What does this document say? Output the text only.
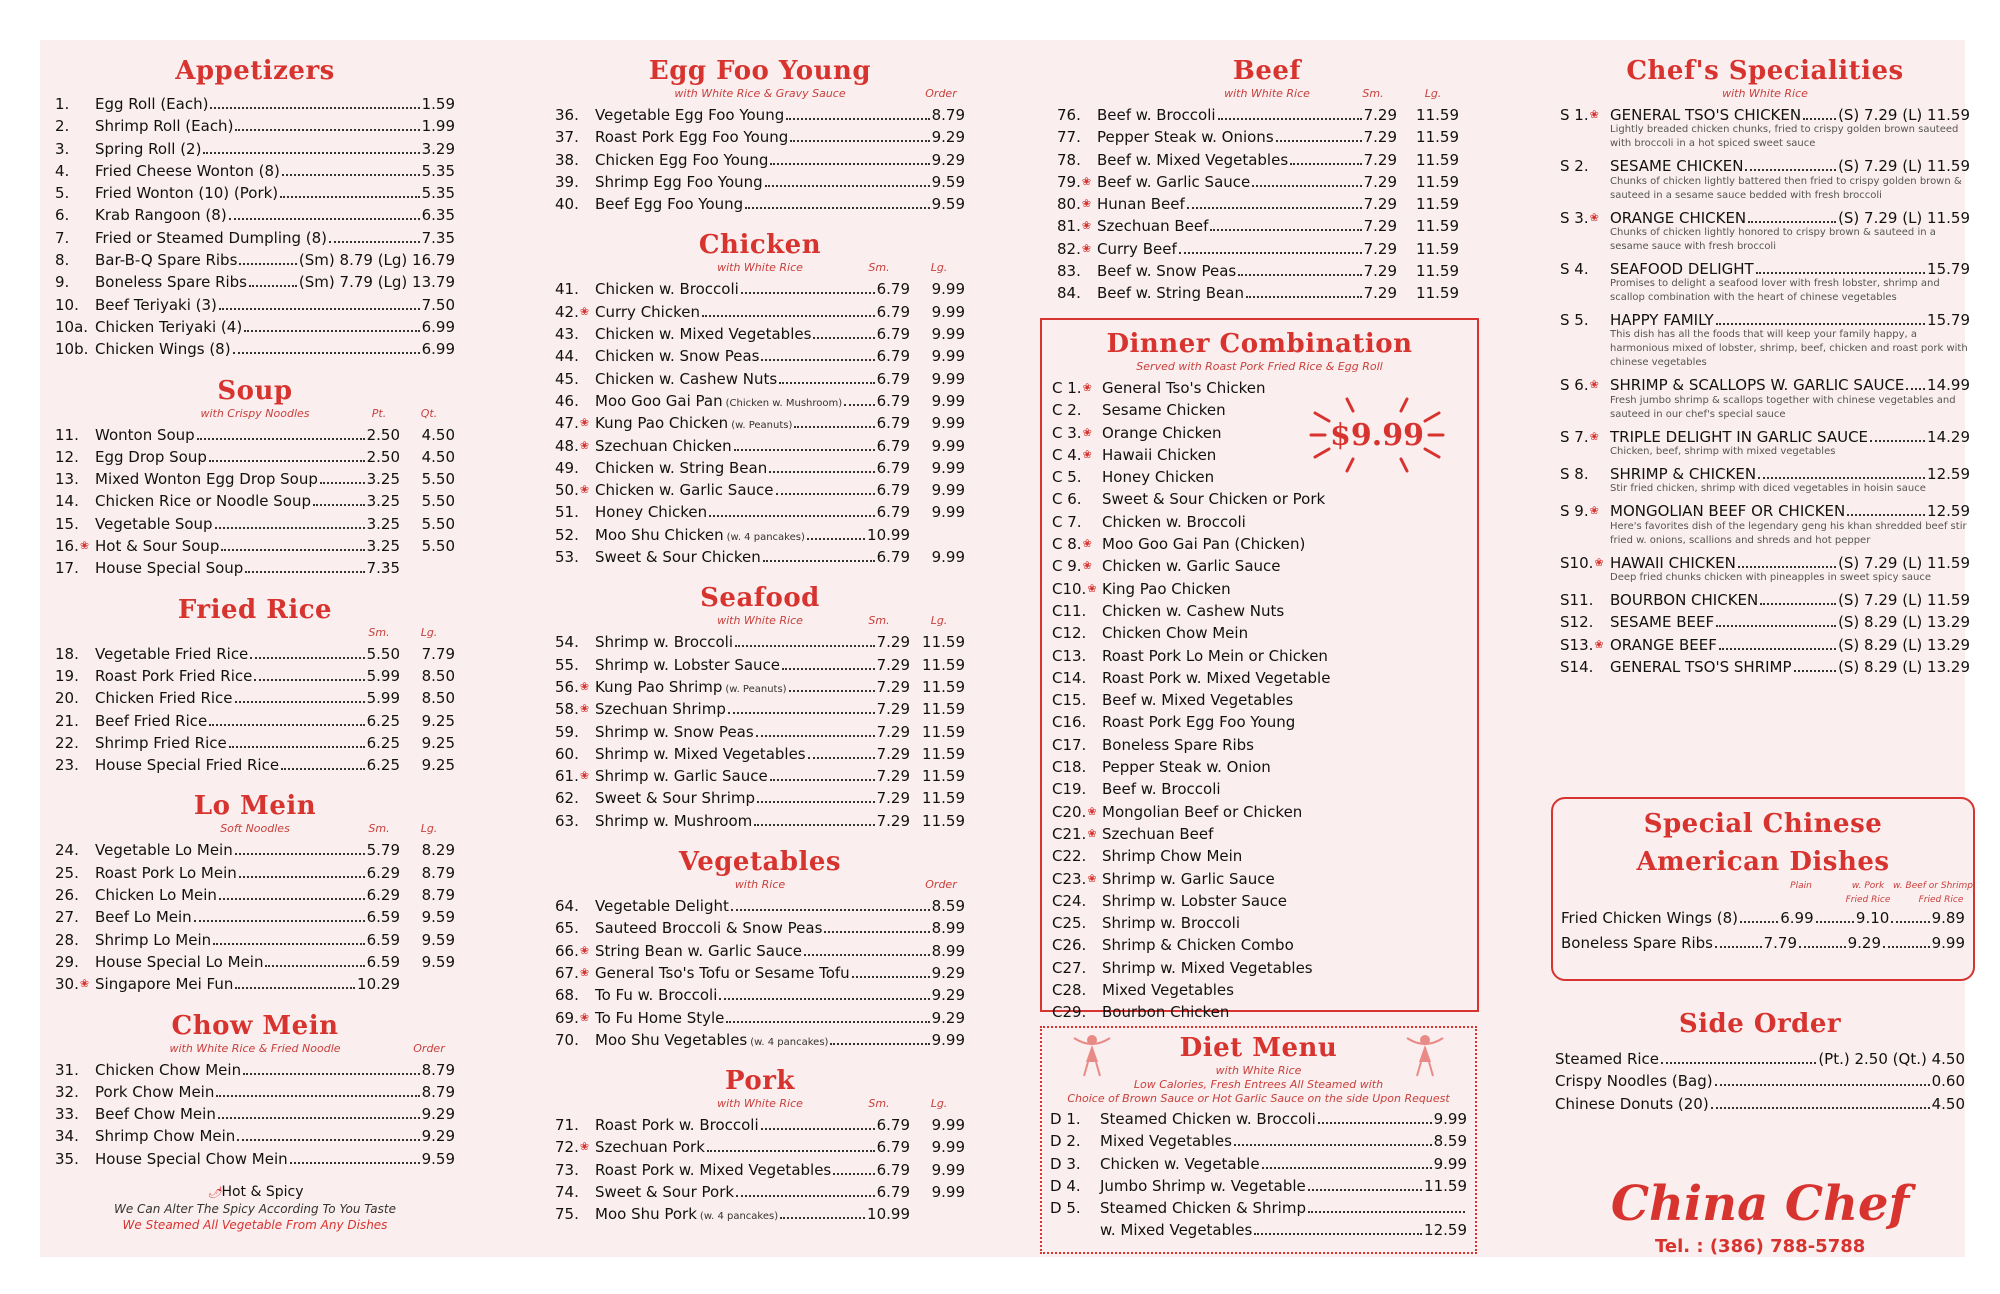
Appetizers
1. Egg Roll (Each)	1.59
2. Shrimp Roll (Each)	1.99
3. Spring Roll (2)	3.29
4. Fried Cheese Wonton (8)	5.35
5. Fried Wonton (10) (Pork)	5.35
6. Krab Rangoon (8)	6.35
7. Fried or Steamed Dumpling (8)	7.35
8. Bar-B-Q Spare Ribs	(Sm) 8.79 (Lg) 16.79
9. Boneless Spare Ribs	(Sm) 7.79 (Lg) 13.79
10. Beef Teriyaki (3)	7.50
10a. Chicken Teriyaki (4)	6.99
10b. Chicken Wings (8)	6.99
Soup
with Crispy Noodles	Pt.	Qt.
11. Wonton Soup	2.50	4.50
12. Egg Drop Soup	2.50	4.50
13. Mixed Wonton Egg Drop Soup	3.25	5.50
14. Chicken Rice or Noodle Soup	3.25	5.50
15. Vegetable Soup	3.25	5.50
16. ❀ Hot & Sour Soup	3.25	5.50
17. House Special Soup	7.35
Fried Rice
Sm.	Lg.
18. Vegetable Fried Rice	5.50	7.79
19. Roast Pork Fried Rice	5.99	8.50
20. Chicken Fried Rice	5.99	8.50
21. Beef Fried Rice	6.25	9.25
22. Shrimp Fried Rice	6.25	9.25
23. House Special Fried Rice	6.25	9.25
Lo Mein
Soft Noodles	Sm.	Lg.
24. Vegetable Lo Mein	5.79	8.29
25. Roast Pork Lo Mein	6.29	8.79
26. Chicken Lo Mein	6.29	8.79
27. Beef Lo Mein	6.59	9.59
28. Shrimp Lo Mein	6.59	9.59
29. House Special Lo Mein	6.59	9.59
30. ❀ Singapore Mei Fun	10.29
Chow Mein
with White Rice & Fried Noodle	Order
31. Chicken Chow Mein	8.79
32. Pork Chow Mein	8.79
33. Beef Chow Mein	9.29
34. Shrimp Chow Mein	9.29
35. House Special Chow Mein	9.59
🌶Hot & Spicy
We Can Alter The Spicy According To You Taste
We Steamed All Vegetable From Any Dishes
Egg Foo Young
with White Rice & Gravy Sauce	Order
36. Vegetable Egg Foo Young	8.79
37. Roast Pork Egg Foo Young	9.29
38. Chicken Egg Foo Young	9.29
39. Shrimp Egg Foo Young	9.59
40. Beef Egg Foo Young	9.59
Chicken
with White Rice	Sm.	Lg.
41. Chicken w. Broccoli	6.79	9.99
42. ❀ Curry Chicken	6.79	9.99
43. Chicken w. Mixed Vegetables	6.79	9.99
44. Chicken w. Snow Peas	6.79	9.99
45. Chicken w. Cashew Nuts	6.79	9.99
46. Moo Goo Gai Pan (Chicken w. Mushroom) 6.79	9.99
47. ❀ Kung Pao Chicken (w. Peanuts)	6.79	9.99
48. ❀ Szechuan Chicken	6.79	9.99
49. Chicken w. String Bean	6.79	9.99
50. ❀ Chicken w. Garlic Sauce	6.79	9.99
51. Honey Chicken	6.79	9.99
52. Moo Shu Chicken (w. 4 pancakes)	10.99
53. Sweet & Sour Chicken	6.79	9.99
Seafood
with White Rice	Sm.	Lg.
54. Shrimp w. Broccoli	7.29 11.59
55. Shrimp w. Lobster Sauce	7.29 11.59
56. ❀ Kung Pao Shrimp (w. Peanuts)	7.29 11.59
58. ❀ Szechuan Shrimp	7.29 11.59
59. Shrimp w. Snow Peas	7.29 11.59
60. Shrimp w. Mixed Vegetables	7.29 11.59
61. ❀ Shrimp w. Garlic Sauce	7.29 11.59
62. Sweet & Sour Shrimp	7.29 11.59
63. Shrimp w. Mushroom	7.29 11.59
Vegetables
with Rice	Order
64. Vegetable Delight	8.59
65. Sauteed Broccoli & Snow Peas	8.99
66. ❀ String Bean w. Garlic Sauce	8.99
67. ❀ General Tso's Tofu or Sesame Tofu	9.29
68. To Fu w. Broccoli	9.29
69. ❀ To Fu Home Style	9.29
70. Moo Shu Vegetables (w. 4 pancakes)	9.99
Pork
with White Rice	Sm.	Lg.
71. Roast Pork w. Broccoli	6.79	9.99
72. ❀ Szechuan Pork	6.79	9.99
73. Roast Pork w. Mixed Vegetables	6.79	9.99
74. Sweet & Sour Pork	6.79	9.99
75. Moo Shu Pork (w. 4 pancakes)	10.99
Beef
with White Rice	Sm.	Lg.
76. Beef w. Broccoli	7.29	11.59
77. Pepper Steak w. Onions	7.29	11.59
78. Beef w. Mixed Vegetables	7.29	11.59
79. ❀ Beef w. Garlic Sauce	7.29	11.59
80. ❀ Hunan Beef	7.29	11.59
81. ❀ Szechuan Beef	7.29	11.59
82. ❀ Curry Beef	7.29	11.59
83. Beef w. Snow Peas	7.29	11.59
84. Beef w. String Bean	7.29	11.59
Dinner Combination
Served with Roast Pork Fried Rice & Egg Roll
C 1. ❀ General Tso's Chicken
C 2. Sesame Chicken
C 3. ❀ Orange Chicken
C 4. ❀ Hawaii Chicken
C 5. Honey Chicken
C 6. Sweet & Sour Chicken or Pork
C 7. Chicken w. Broccoli
C 8. ❀ Moo Goo Gai Pan (Chicken)
C 9. ❀ Chicken w. Garlic Sauce
C10. ❀ King Pao Chicken
C11. Chicken w. Cashew Nuts
C12. Chicken Chow Mein
C13. Roast Pork Lo Mein or Chicken
C14. Roast Pork w. Mixed Vegetable
C15. Beef w. Mixed Vegetables
C16. Roast Pork Egg Foo Young
C17. Boneless Spare Ribs
C18. Pepper Steak w. Onion
C19. Beef w. Broccoli
C20. ❀ Mongolian Beef or Chicken
C21. ❀ Szechuan Beef
C22. Shrimp Chow Mein
C23. ❀ Shrimp w. Garlic Sauce
C24. Shrimp w. Lobster Sauce
C25. Shrimp w. Broccoli
C26. Shrimp & Chicken Combo
C27. Shrimp w. Mixed Vegetables
C28. Mixed Vegetables
C29. Bourbon Chicken
$9.99
Diet Menu
with White Rice
Low Calories, Fresh Entrees All Steamed with
Choice of Brown Sauce or Hot Garlic Sauce on the side Upon Request
D 1. Steamed Chicken w. Broccoli	9.99
D 2. Mixed Vegetables	8.59
D 3. Chicken w. Vegetable	9.99
D 4. Jumbo Shrimp w. Vegetable	11.59
D 5. Steamed Chicken & Shrimp
w. Mixed Vegetables	12.59
Chef's Specialities
with White Rice
S 1. ❀ GENERAL TSO'S CHICKEN (S) 7.29 (L) 11.59
Lightly breaded chicken chunks, fried to crispy golden brown sauteed with broccoli in a hot spiced sweet sauce
S 2. SESAME CHICKEN	(S) 7.29 (L) 11.59
Chunks of chicken lightly battered then fried to crispy golden brown & sauteed in a sesame sauce bedded with fresh broccoli
S 3. ❀ ORANGE CHICKEN	(S) 7.29 (L) 11.59
Chunks of chicken lightly honored to crispy brown & sauteed in a sesame sauce with fresh broccoli
S 4. SEAFOOD DELIGHT	15.79
Promises to delight a seafood lover with fresh lobster, shrimp and scallop combination with the heart of chinese vegetables
S 5. HAPPY FAMILY	15.79
This dish has all the foods that will keep your family happy, a harmonious mixed of lobster, shrimp, beef, chicken and roast pork with chinese vegetables
S 6. ❀ SHRIMP & SCALLOPS W. GARLIC SAUCE 14.99
Fresh jumbo shrimp & scallops together with chinese vegetables and sauteed in our chef's special sauce
S 7. ❀ TRIPLE DELIGHT IN GARLIC SAUCE	14.29
Chicken, beef, shrimp with mixed vegetables
S 8. SHRIMP & CHICKEN	12.59
Stir fried chicken, shrimp with diced vegetables in hoisin sauce
S 9. ❀ MONGOLIAN BEEF OR CHICKEN	12.59
Here's favorites dish of the legendary geng his khan shredded beef stir fried w. onions, scallions and shreds and hot pepper
S10. ❀ HAWAII CHICKEN	(S) 7.29 (L) 11.59
Deep fried chunks chicken with pineapples in sweet spicy sauce
S11. BOURBON CHICKEN	(S) 7.29 (L) 11.59
S12. SESAME BEEF	(S) 8.29 (L) 13.29
S13. ❀ ORANGE BEEF	(S) 8.29 (L) 13.29
S14. GENERAL TSO'S SHRIMP	(S) 8.29 (L) 13.29
Special Chinese
American Dishes
Plain	w. Pork
Fried Rice
w. Beef or Shrimp
Fried Rice
Fried Chicken Wings (8)	6.99	9.10	9.89
Boneless Spare Ribs	7.79	9.29	9.99
Side Order
Steamed Rice	(Pt.) 2.50 (Qt.) 4.50
Crispy Noodles (Bag)	0.60
Chinese Donuts (20)	4.50
China Chef
Tel. : (386) 788-5788
